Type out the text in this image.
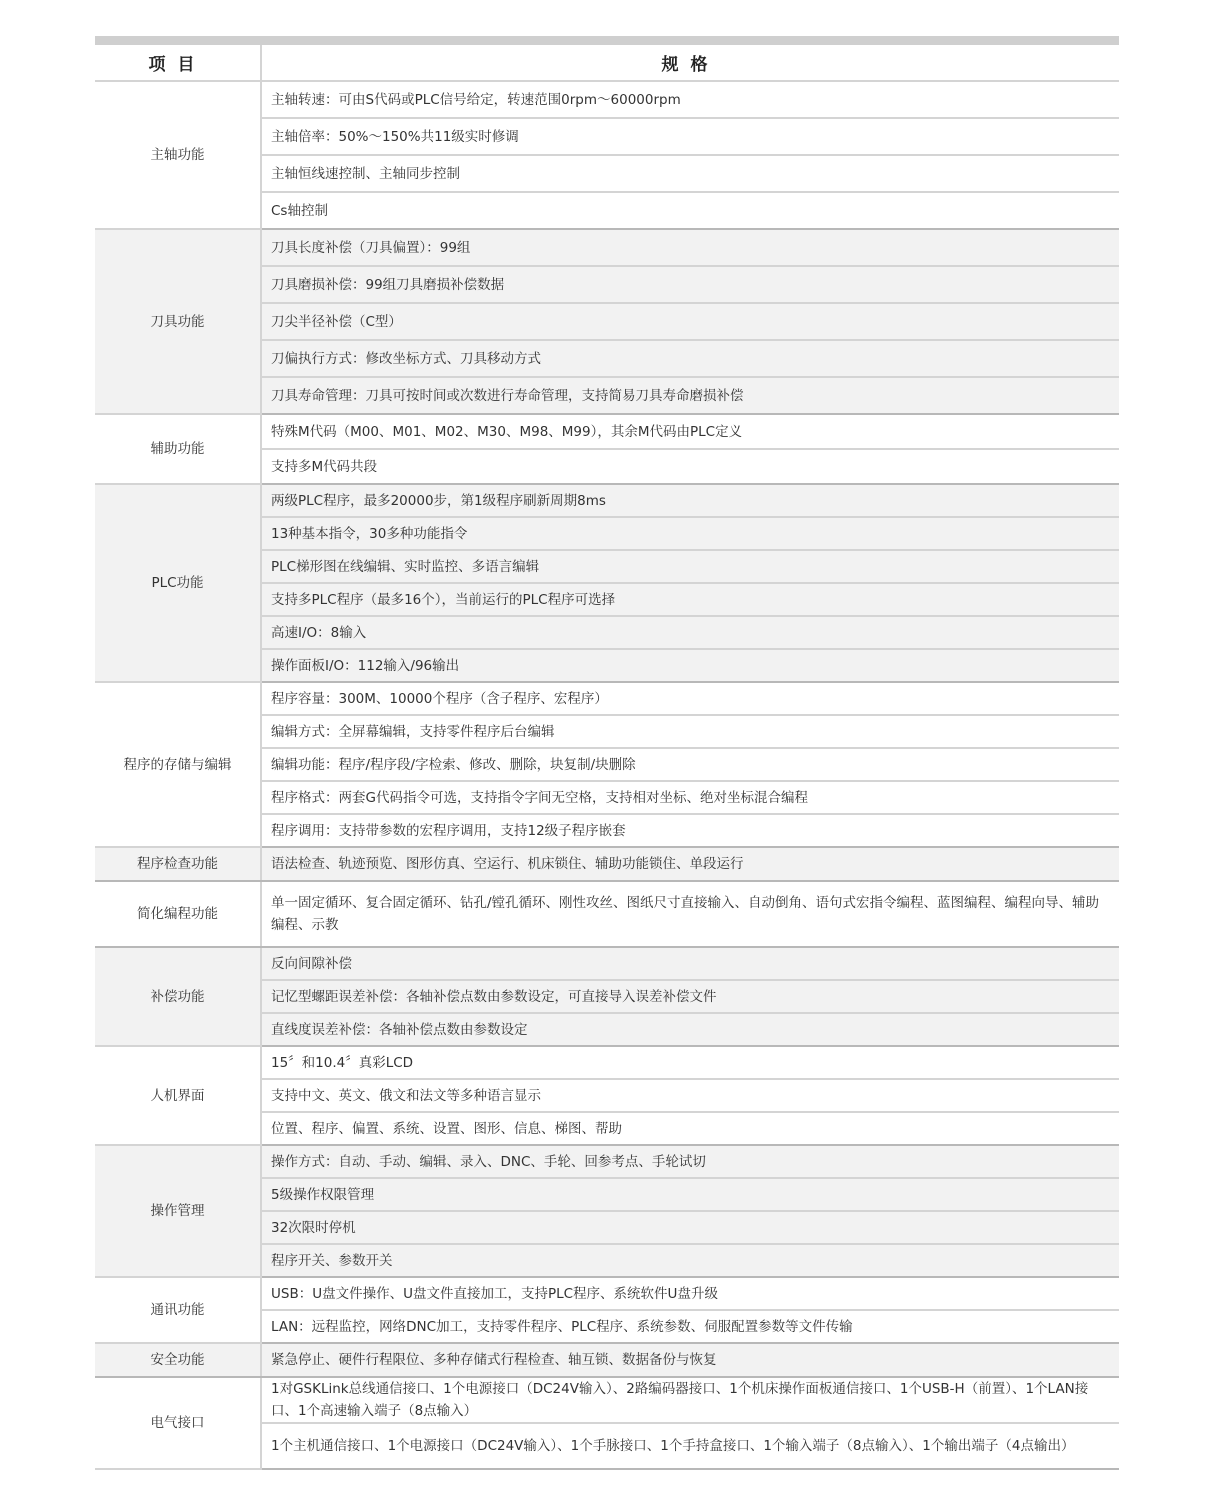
项目	规格
主轴功能	主轴转速：可由S代码或PLC信号给定，转速范围0rpm～60000rpm
	主轴倍率：50%～150%共11级实时修调
	主轴恒线速控制、主轴同步控制
	Cs轴控制
刀具功能	刀具长度补偿（刀具偏置）：99组
	刀具磨损补偿：99组刀具磨损补偿数据
	刀尖半径补偿（C型）
	刀偏执行方式：修改坐标方式、刀具移动方式
	刀具寿命管理：刀具可按时间或次数进行寿命管理，支持简易刀具寿命磨损补偿
辅助功能	特殊M代码（M00、M01、M02、M30、M98、M99），其余M代码由PLC定义
	支持多M代码共段
PLC功能	两级PLC程序，最多20000步，第1级程序刷新周期8ms
	13种基本指令，30多种功能指令
	PLC梯形图在线编辑、实时监控、多语言编辑
	支持多PLC程序（最多16个），当前运行的PLC程序可选择
	高速I/O：8输入
	操作面板I/O：112输入/96输出
程序的存储与编辑	程序容量：300M、10000个程序（含子程序、宏程序）
	编辑方式：全屏幕编辑，支持零件程序后台编辑
	编辑功能：程序/程序段/字检索、修改、删除，块复制/块删除
	程序格式：两套G代码指令可选，支持指令字间无空格，支持相对坐标、绝对坐标混合编程
	程序调用：支持带参数的宏程序调用，支持12级子程序嵌套
程序检查功能	语法检查、轨迹预览、图形仿真、空运行、机床锁住、辅助功能锁住、单段运行
简化编程功能	单一固定循环、复合固定循环、钻孔/镗孔循环、刚性攻丝、图纸尺寸直接输入、自动倒角、语句式宏指令编程、蓝图编程、编程向导、辅助编程、示教
补偿功能	反向间隙补偿
	记忆型螺距误差补偿：各轴补偿点数由参数设定，可直接导入误差补偿文件
	直线度误差补偿：各轴补偿点数由参数设定
人机界面	15〞和10.4〞真彩LCD
	支持中文、英文、俄文和法文等多种语言显示
	位置、程序、偏置、系统、设置、图形、信息、梯图、帮助
操作管理	操作方式：自动、手动、编辑、录入、DNC、手轮、回参考点、手轮试切
	5级操作权限管理
	32次限时停机
	程序开关、参数开关
通讯功能	USB：U盘文件操作、U盘文件直接加工，支持PLC程序、系统软件U盘升级
	LAN：远程监控，网络DNC加工，支持零件程序、PLC程序、系统参数、伺服配置参数等文件传输
安全功能	紧急停止、硬件行程限位、多种存储式行程检查、轴互锁、数据备份与恢复
电气接口	1对GSKLink总线通信接口、1个电源接口（DC24V输入）、2路编码器接口、1个机床操作面板通信接口、1个USB-H（前置）、1个LAN接口、1个高速输入端子（8点输入）
	1个主机通信接口、1个电源接口（DC24V输入）、1个手脉接口、1个手持盒接口、1个输入端子（8点输入）、1个输出端子（4点输出）
